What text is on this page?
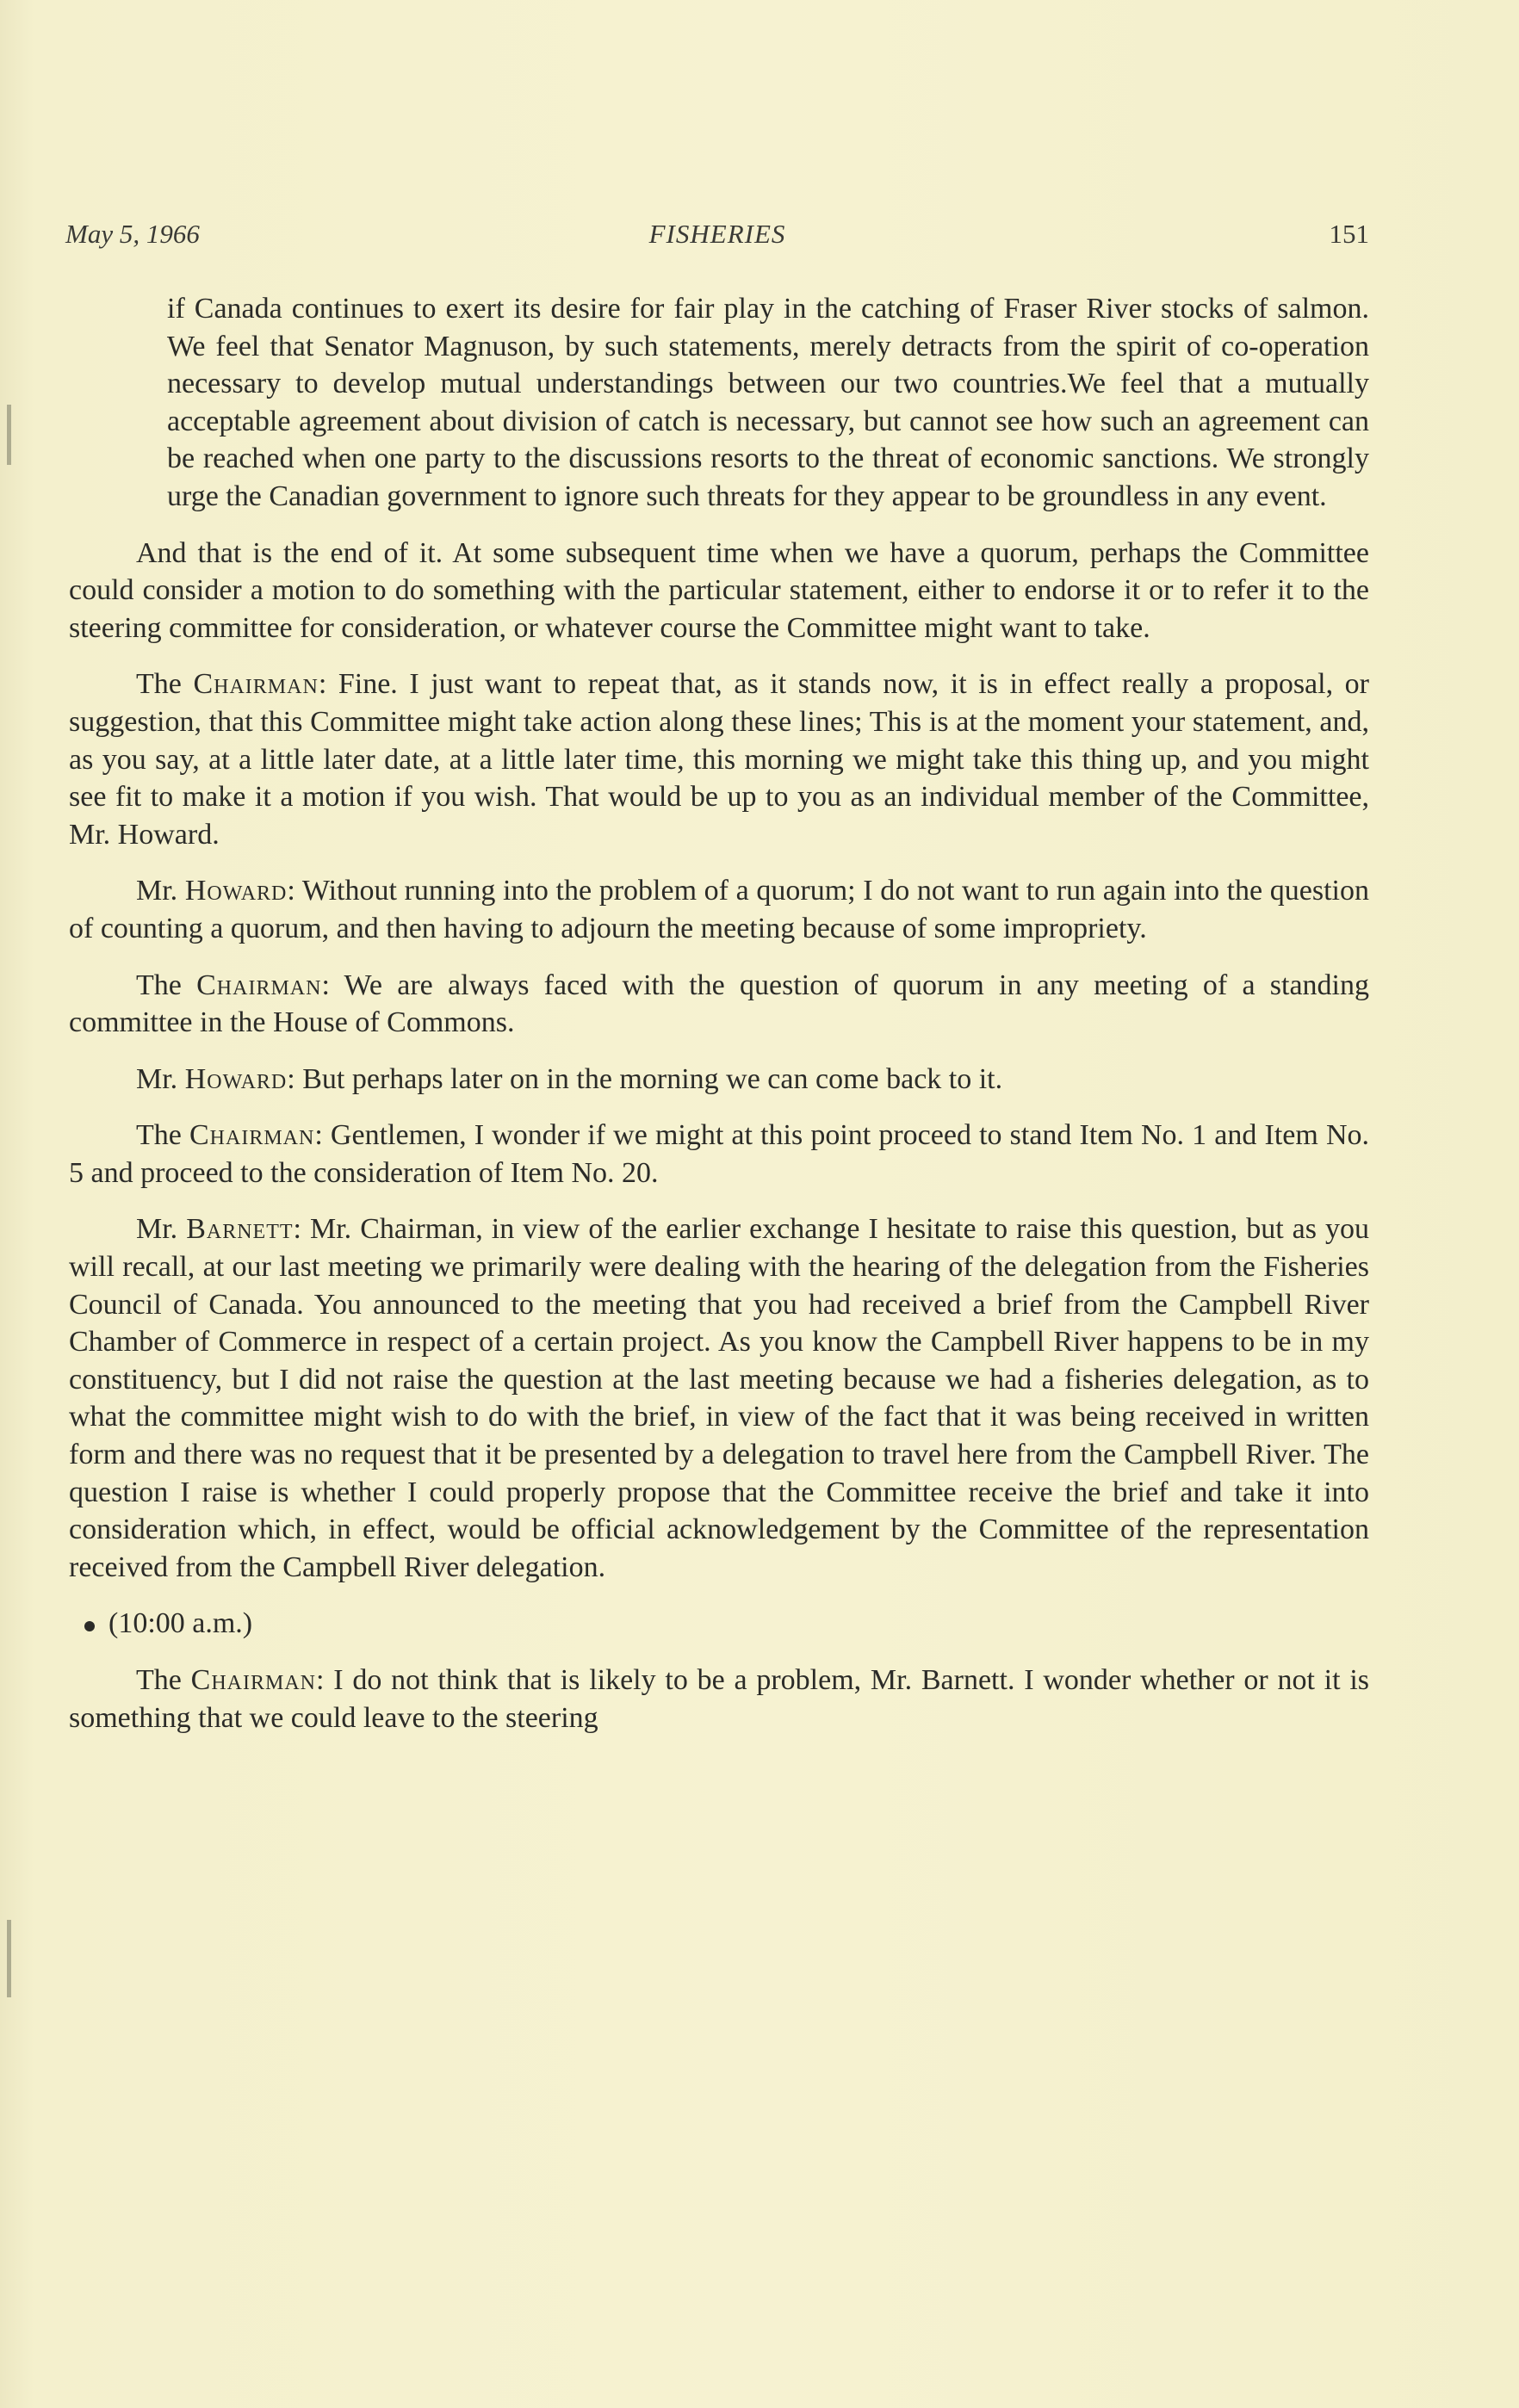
May 5, 1966	FISHERIES	151

if Canada continues to exert its desire for fair play in the catching of Fraser River stocks of salmon. We feel that Senator Magnuson, by such statements, merely detracts from the spirit of co-operation necessary to develop mutual understandings between our two countries.We feel that a mutually acceptable agreement about division of catch is necessary, but cannot see how such an agreement can be reached when one party to the discussions resorts to the threat of economic sanctions. We strongly urge the Canadian government to ignore such threats for they appear to be groundless in any event.

And that is the end of it. At some subsequent time when we have a quorum, perhaps the Committee could consider a motion to do something with the particular statement, either to endorse it or to refer it to the steering committee for consideration, or whatever course the Committee might want to take.

The Chairman: Fine. I just want to repeat that, as it stands now, it is in effect really a proposal, or suggestion, that this Committee might take action along these lines; This is at the moment your statement, and, as you say, at a little later date, at a little later time, this morning we might take this thing up, and you might see fit to make it a motion if you wish. That would be up to you as an individual member of the Committee, Mr. Howard.

Mr. Howard: Without running into the problem of a quorum; I do not want to run again into the question of counting a quorum, and then having to adjourn the meeting because of some impropriety.

The Chairman: We are always faced with the question of quorum in any meeting of a standing committee in the House of Commons.

Mr. Howard: But perhaps later on in the morning we can come back to it.

The Chairman: Gentlemen, I wonder if we might at this point proceed to stand Item No. 1 and Item No. 5 and proceed to the consideration of Item No. 20.

Mr. Barnett: Mr. Chairman, in view of the earlier exchange I hesitate to raise this question, but as you will recall, at our last meeting we primarily were dealing with the hearing of the delegation from the Fisheries Council of Canada. You announced to the meeting that you had received a brief from the Campbell River Chamber of Commerce in respect of a certain project. As you know the Campbell River happens to be in my constituency, but I did not raise the question at the last meeting because we had a fisheries delegation, as to what the committee might wish to do with the brief, in view of the fact that it was being received in written form and there was no request that it be presented by a delegation to travel here from the Campbell River. The question I raise is whether I could properly propose that the Committee receive the brief and take it into consideration which, in effect, would be official acknowledgement by the Committee of the representation received from the Campbell River delegation.

(10:00 a.m.)

The Chairman: I do not think that is likely to be a problem, Mr. Barnett. I wonder whether or not it is something that we could leave to the steering
